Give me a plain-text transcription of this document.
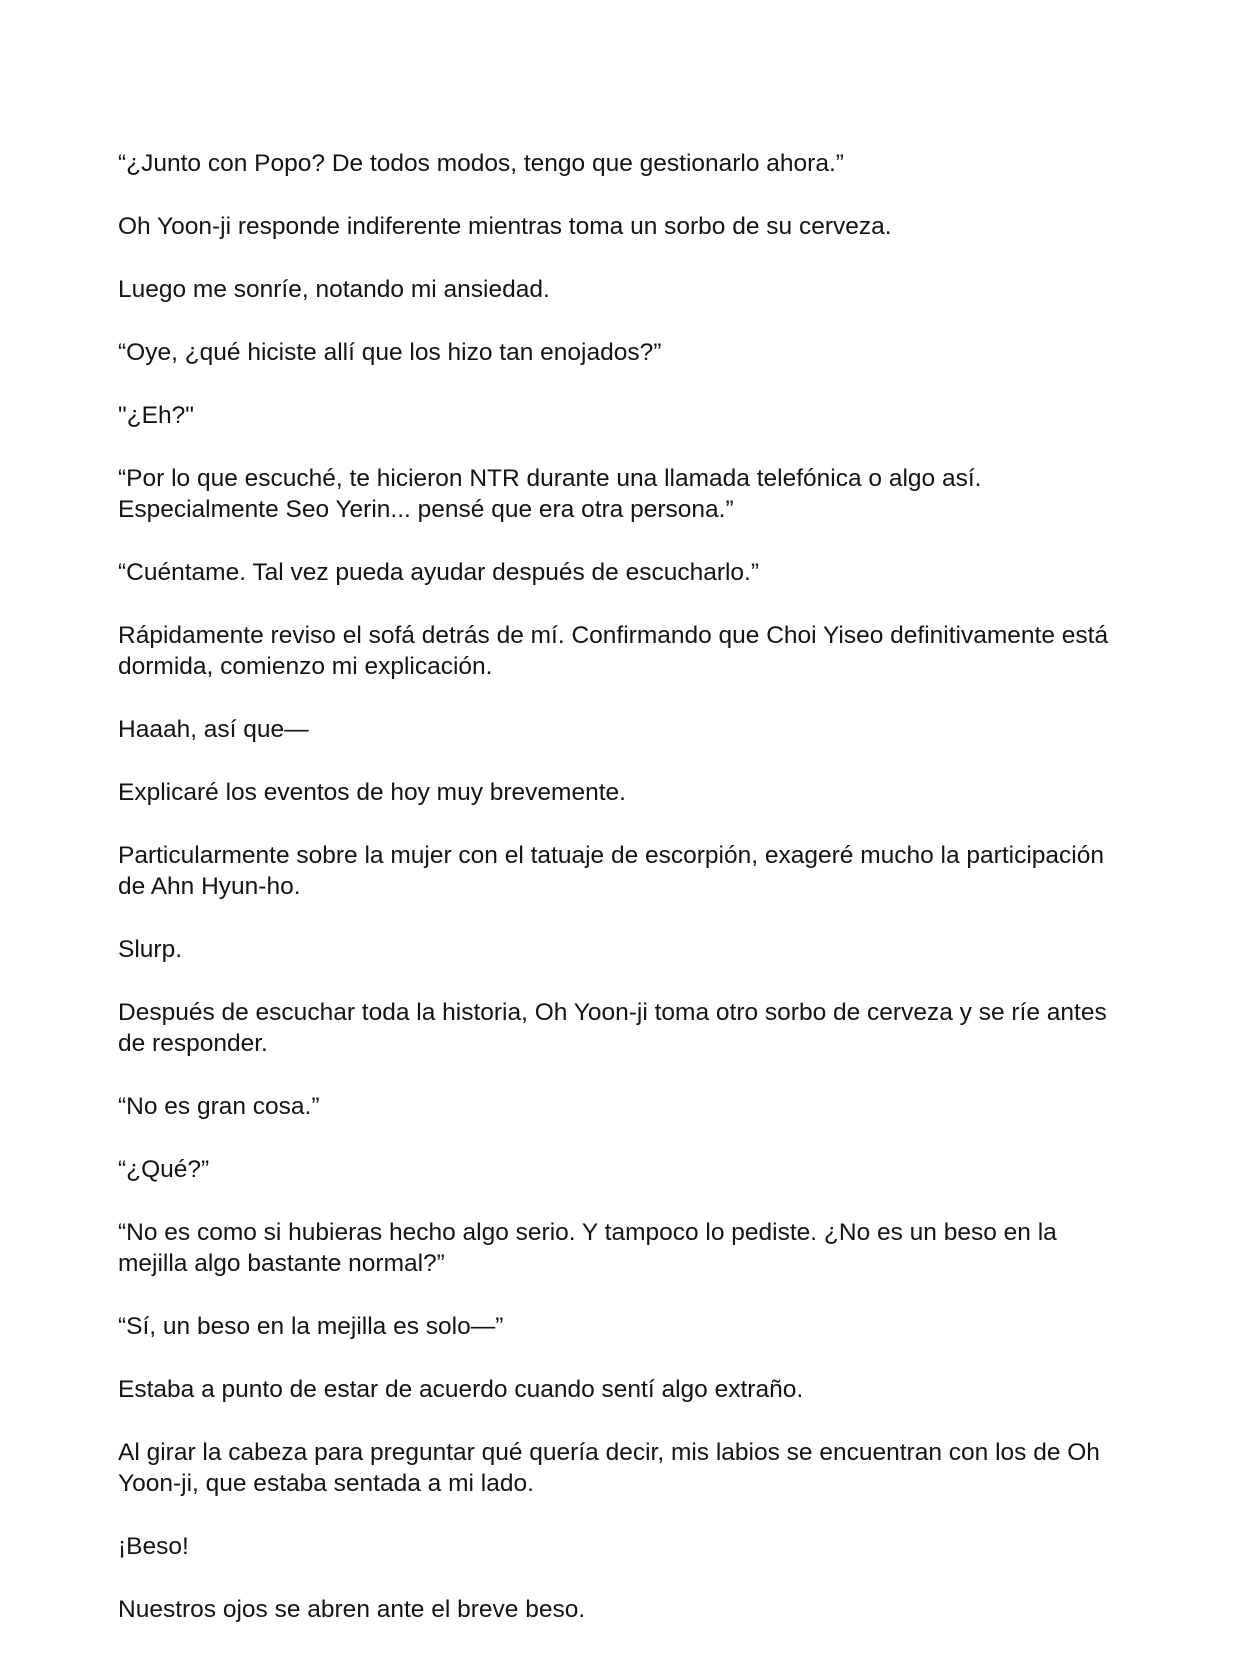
“¿Junto con Popo? De todos modos, tengo que gestionarlo ahora.”

Oh Yoon-ji responde indiferente mientras toma un sorbo de su cerveza.

Luego me sonríe, notando mi ansiedad.

“Oye, ¿qué hiciste allí que los hizo tan enojados?”

"¿Eh?"

“Por lo que escuché, te hicieron NTR durante una llamada telefónica o algo así. Especialmente Seo Yerin... pensé que era otra persona.”

“Cuéntame. Tal vez pueda ayudar después de escucharlo.”

Rápidamente reviso el sofá detrás de mí. Confirmando que Choi Yiseo definitivamente está dormida, comienzo mi explicación.

Haaah, así que—

Explicaré los eventos de hoy muy brevemente.

Particularmente sobre la mujer con el tatuaje de escorpión, exageré mucho la participación de Ahn Hyun-ho.

Slurp.

Después de escuchar toda la historia, Oh Yoon-ji toma otro sorbo de cerveza y se ríe antes de responder.

“No es gran cosa.”

“¿Qué?”

“No es como si hubieras hecho algo serio. Y tampoco lo pediste. ¿No es un beso en la mejilla algo bastante normal?”

“Sí, un beso en la mejilla es solo—”

Estaba a punto de estar de acuerdo cuando sentí algo extraño.

Al girar la cabeza para preguntar qué quería decir, mis labios se encuentran con los de Oh Yoon-ji, que estaba sentada a mi lado.

¡Beso!

Nuestros ojos se abren ante el breve beso.
